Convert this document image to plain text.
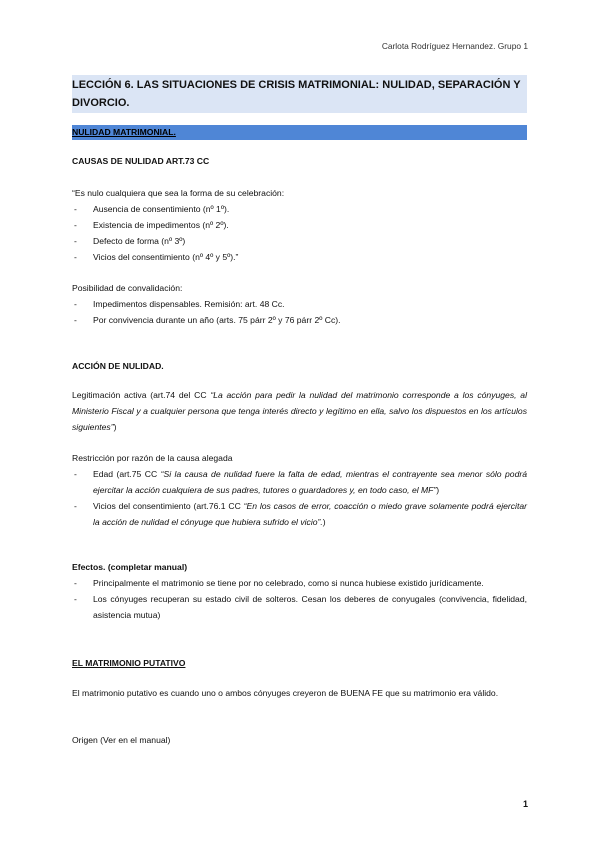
Carlota Rodríguez Hernandez. Grupo 1
LECCIÓN 6. LAS SITUACIONES DE CRISIS MATRIMONIAL: NULIDAD, SEPARACIÓN Y DIVORCIO.
NULIDAD MATRIMONIAL.
CAUSAS DE NULIDAD ART.73 CC
“Es nulo cualquiera que sea la forma de su celebración:
- Ausencia de consentimiento (nº 1º).
- Existencia de impedimentos (nº 2º).
- Defecto de forma (nº 3º)
- Vicios del consentimiento (nº 4º y 5º).”
Posibilidad de convalidación:
- Impedimentos dispensables. Remisión: art. 48 Cc.
- Por convivencia durante un año (arts. 75 párr 2º y 76 párr 2º Cc).
ACCIÓN DE NULIDAD.
Legitimación activa (art.74 del CC “La acción para pedir la nulidad del matrimonio corresponde a los cónyuges, al Ministerio Fiscal y a cualquier persona que tenga interés directo y legítimo en ella, salvo los dispuestos en los artículos siguientes”)
Restricción por razón de la causa alegada
- Edad (art.75 CC “Si la causa de nulidad fuere la falta de edad, mientras el contrayente sea menor sólo podrá ejercitar la acción cualquiera de sus padres, tutores o guardadores y, en todo caso, el MF”)
- Vicios del consentimiento (art.76.1 CC “En los casos de error, coacción o miedo grave solamente podrá ejercitar la acción de nulidad el cónyuge que hubiera sufrido el vicio”.)
Efectos. (completar manual)
- Principalmente el matrimonio se tiene por no celebrado, como si nunca hubiese existido jurídicamente.
- Los cónyuges recuperan su estado civil de solteros. Cesan los deberes de conyugales (convivencia, fidelidad, asistencia mutua)
EL MATRIMONIO PUTATIVO
El matrimonio putativo es cuando uno o ambos cónyuges creyeron de BUENA FE que su matrimonio era válido.
Origen (Ver en el manual)
1
